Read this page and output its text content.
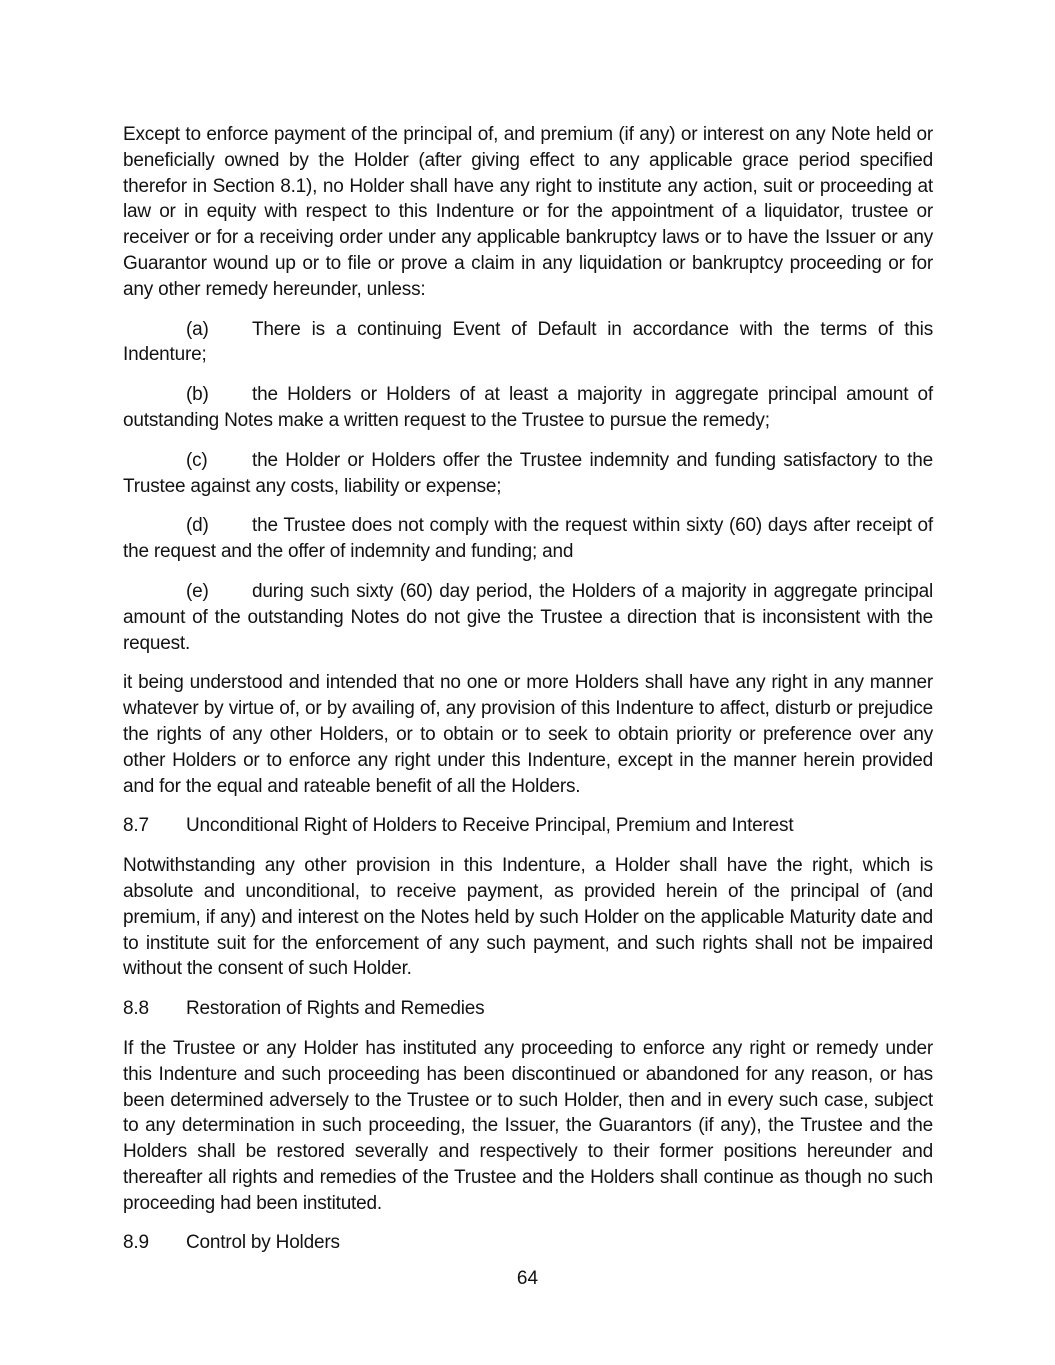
Except to enforce payment of the principal of, and premium (if any) or interest on any Note held or beneficially owned by the Holder (after giving effect to any applicable grace period specified therefor in Section 8.1), no Holder shall have any right to institute any action, suit or proceeding at law or in equity with respect to this Indenture or for the appointment of a liquidator, trustee or receiver or for a receiving order under any applicable bankruptcy laws or to have the Issuer or any Guarantor wound up or to file or prove a claim in any liquidation or bankruptcy proceeding or for any other remedy hereunder, unless:

(a) There is a continuing Event of Default in accordance with the terms of this Indenture;

(b) the Holders or Holders of at least a majority in aggregate principal amount of outstanding Notes make a written request to the Trustee to pursue the remedy;

(c) the Holder or Holders offer the Trustee indemnity and funding satisfactory to the Trustee against any costs, liability or expense;

(d) the Trustee does not comply with the request within sixty (60) days after receipt of the request and the offer of indemnity and funding; and

(e) during such sixty (60) day period, the Holders of a majority in aggregate principal amount of the outstanding Notes do not give the Trustee a direction that is inconsistent with the request.

it being understood and intended that no one or more Holders shall have any right in any manner whatever by virtue of, or by availing of, any provision of this Indenture to affect, disturb or prejudice the rights of any other Holders, or to obtain or to seek to obtain priority or preference over any other Holders or to enforce any right under this Indenture, except in the manner herein provided and for the equal and rateable benefit of all the Holders.

8.7 Unconditional Right of Holders to Receive Principal, Premium and Interest

Notwithstanding any other provision in this Indenture, a Holder shall have the right, which is absolute and unconditional, to receive payment, as provided herein of the principal of (and premium, if any) and interest on the Notes held by such Holder on the applicable Maturity date and to institute suit for the enforcement of any such payment, and such rights shall not be impaired without the consent of such Holder.

8.8 Restoration of Rights and Remedies

If the Trustee or any Holder has instituted any proceeding to enforce any right or remedy under this Indenture and such proceeding has been discontinued or abandoned for any reason, or has been determined adversely to the Trustee or to such Holder, then and in every such case, subject to any determination in such proceeding, the Issuer, the Guarantors (if any), the Trustee and the Holders shall be restored severally and respectively to their former positions hereunder and thereafter all rights and remedies of the Trustee and the Holders shall continue as though no such proceeding had been instituted.

8.9 Control by Holders

64
